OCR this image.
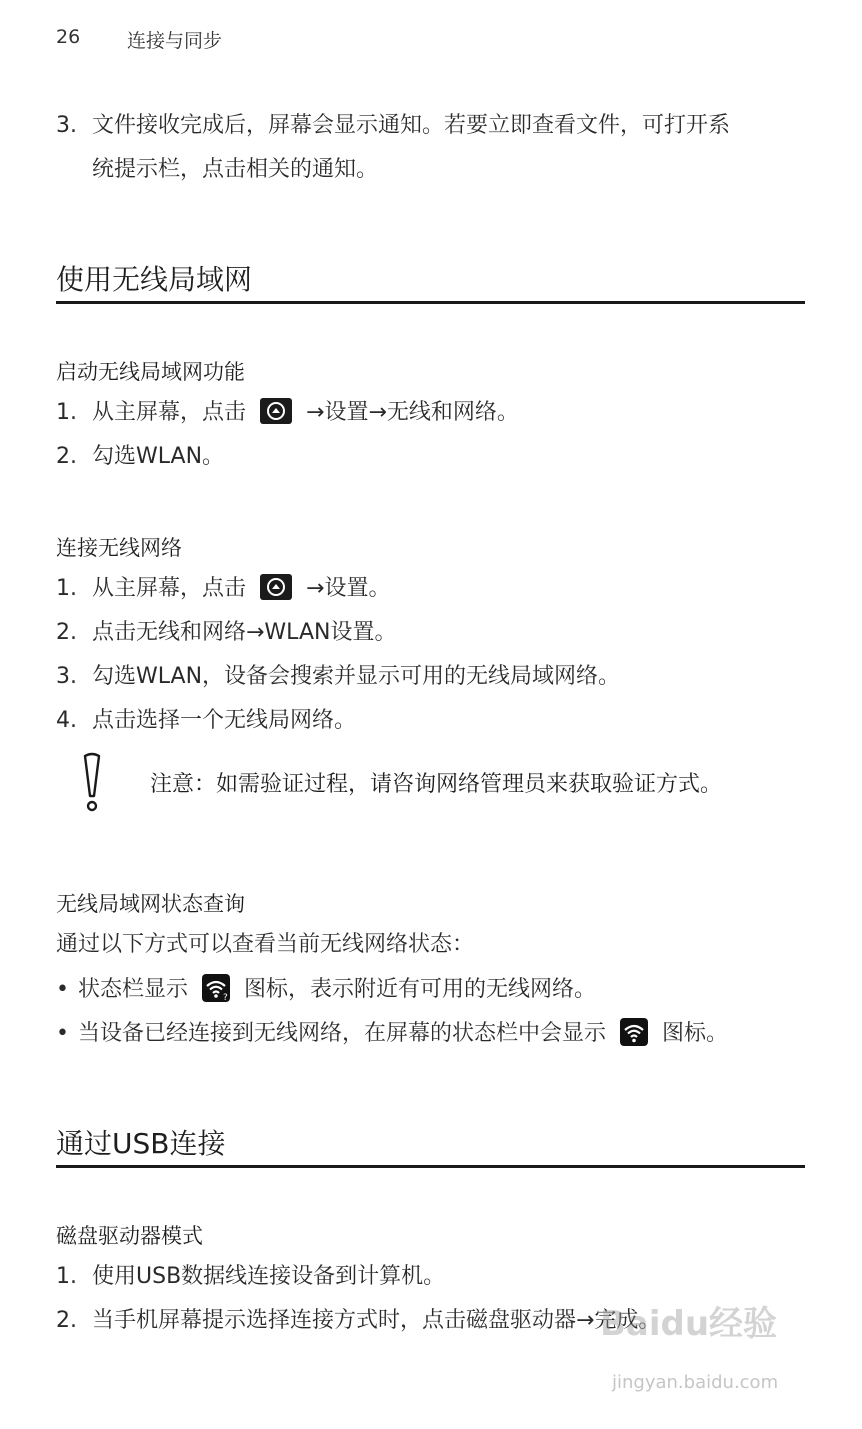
26 连接与同步
3. 文件接收完成后，屏幕会显示通知。若要立即查看文件，可打开系
统提示栏，点击相关的通知。
使用无线局域网
启动无线局域网功能
1. 从主屏幕，点击	→设置→无线和网络。
2. 勾选WLAN。
连接无线网络
1. 从主屏幕，点击	→设置。
2. 点击无线和网络→WLAN设置。
3. 勾选WLAN，设备会搜索并显示可用的无线局域网络。
4. 点击选择一个无线局网络。
注意：如需验证过程，请咨询网络管理员来获取验证方式。
无线局域网状态查询
通过以下方式可以查看当前无线网络状态：
• 状态栏显示	? 图标，表示附近有可用的无线网络。
• 当设备已经连接到无线网络，在屏幕的状态栏中会显示	图标。
通过USB连接
磁盘驱动器模式
1. 使用USB数据线连接设备到计算机。
2. 当手机屏幕提示选择连接方式时，点击磁盘驱动器→完成。
Baidu经验
jingyan.baidu.com
